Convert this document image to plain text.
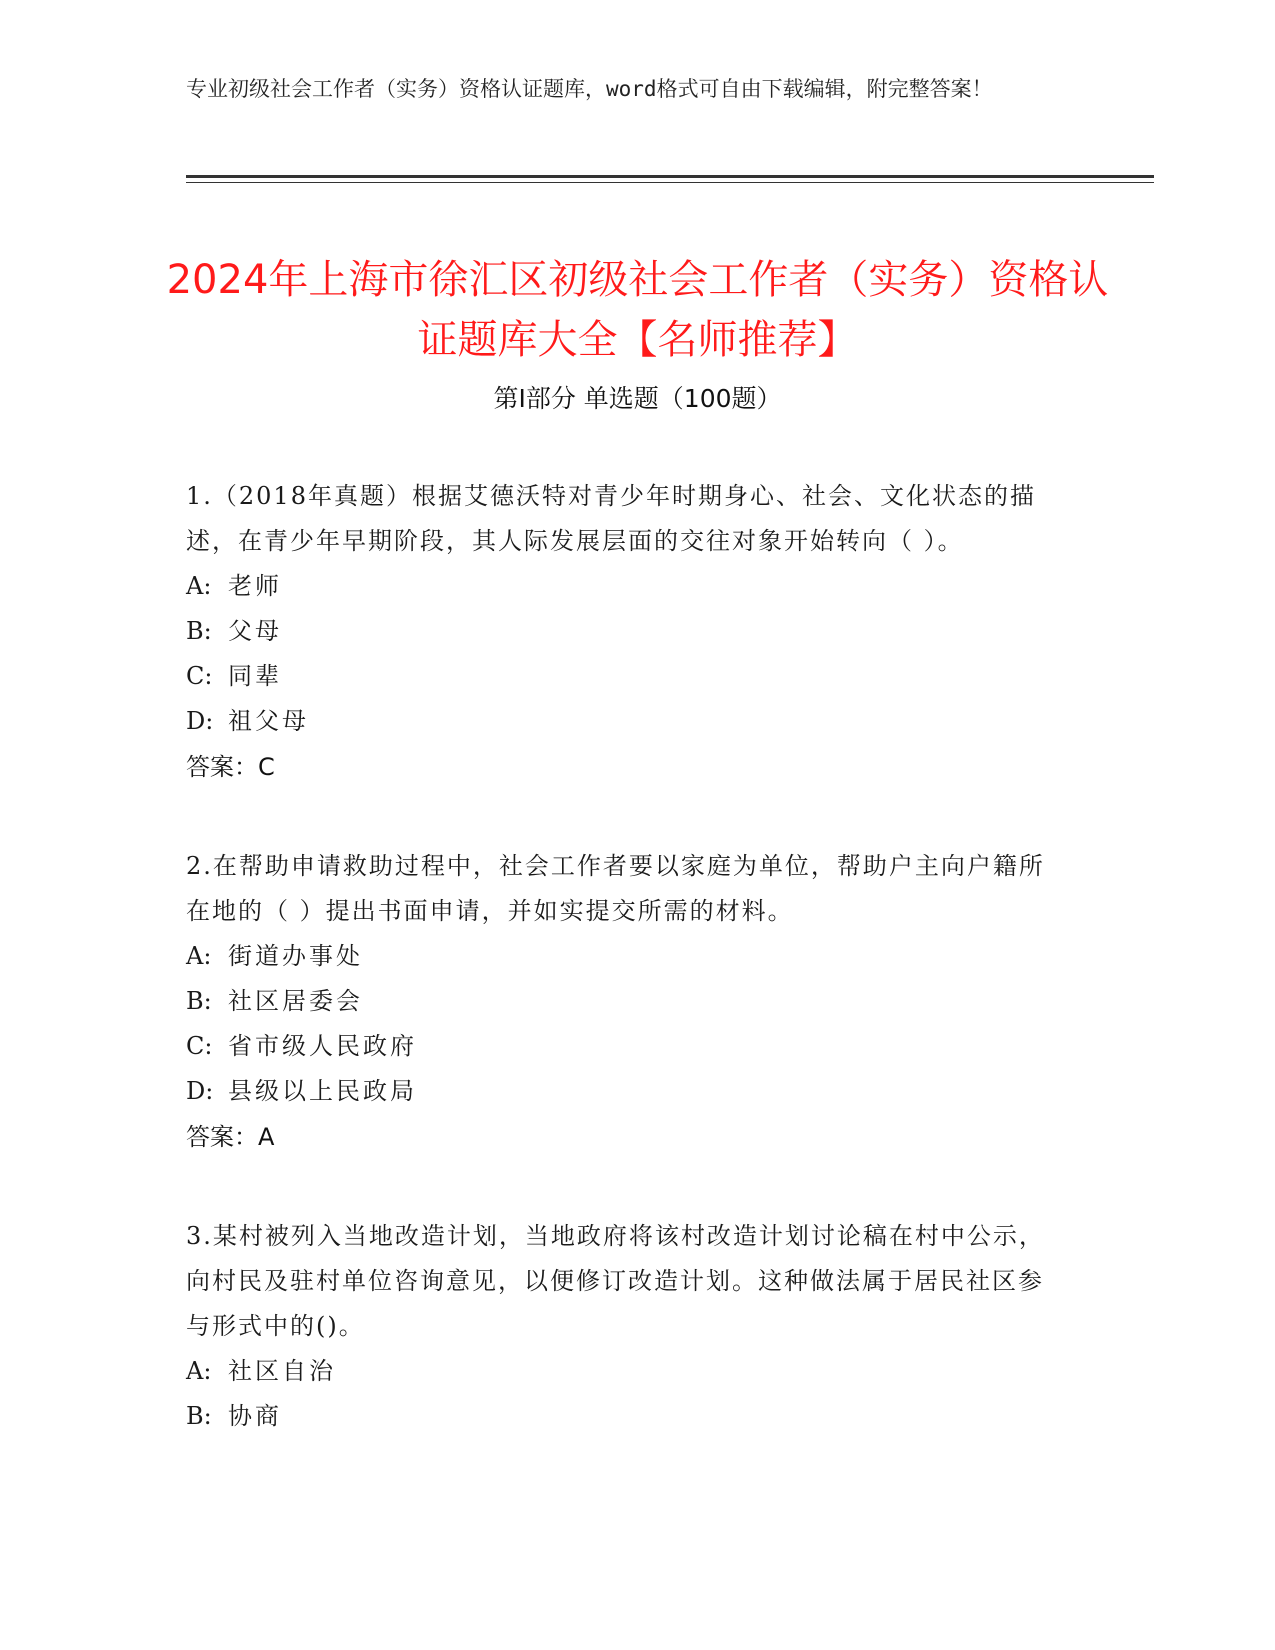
专业初级社会工作者（实务）资格认证题库，word格式可自由下载编辑，附完整答案！
2024年上海市徐汇区初级社会工作者（实务）资格认证题库大全【名师推荐】
第Ⅰ部分 单选题（100题）

1.（2018年真题）根据艾德沃特对青少年时期身心、社会、文化状态的描述，在青少年早期阶段，其人际发展层面的交往对象开始转向（ ）。

A: 老师

B: 父母

C: 同辈

D: 祖父母

答案：C

2.在帮助申请救助过程中，社会工作者要以家庭为单位，帮助户主向户籍所在地的（ ）提出书面申请，并如实提交所需的材料。

A: 街道办事处

B: 社区居委会

C: 省市级人民政府

D: 县级以上民政局

答案：A

3.某村被列入当地改造计划，当地政府将该村改造计划讨论稿在村中公示，向村民及驻村单位咨询意见，以便修订改造计划。这种做法属于居民社区参与形式中的()。

A: 社区自治

B: 协商
